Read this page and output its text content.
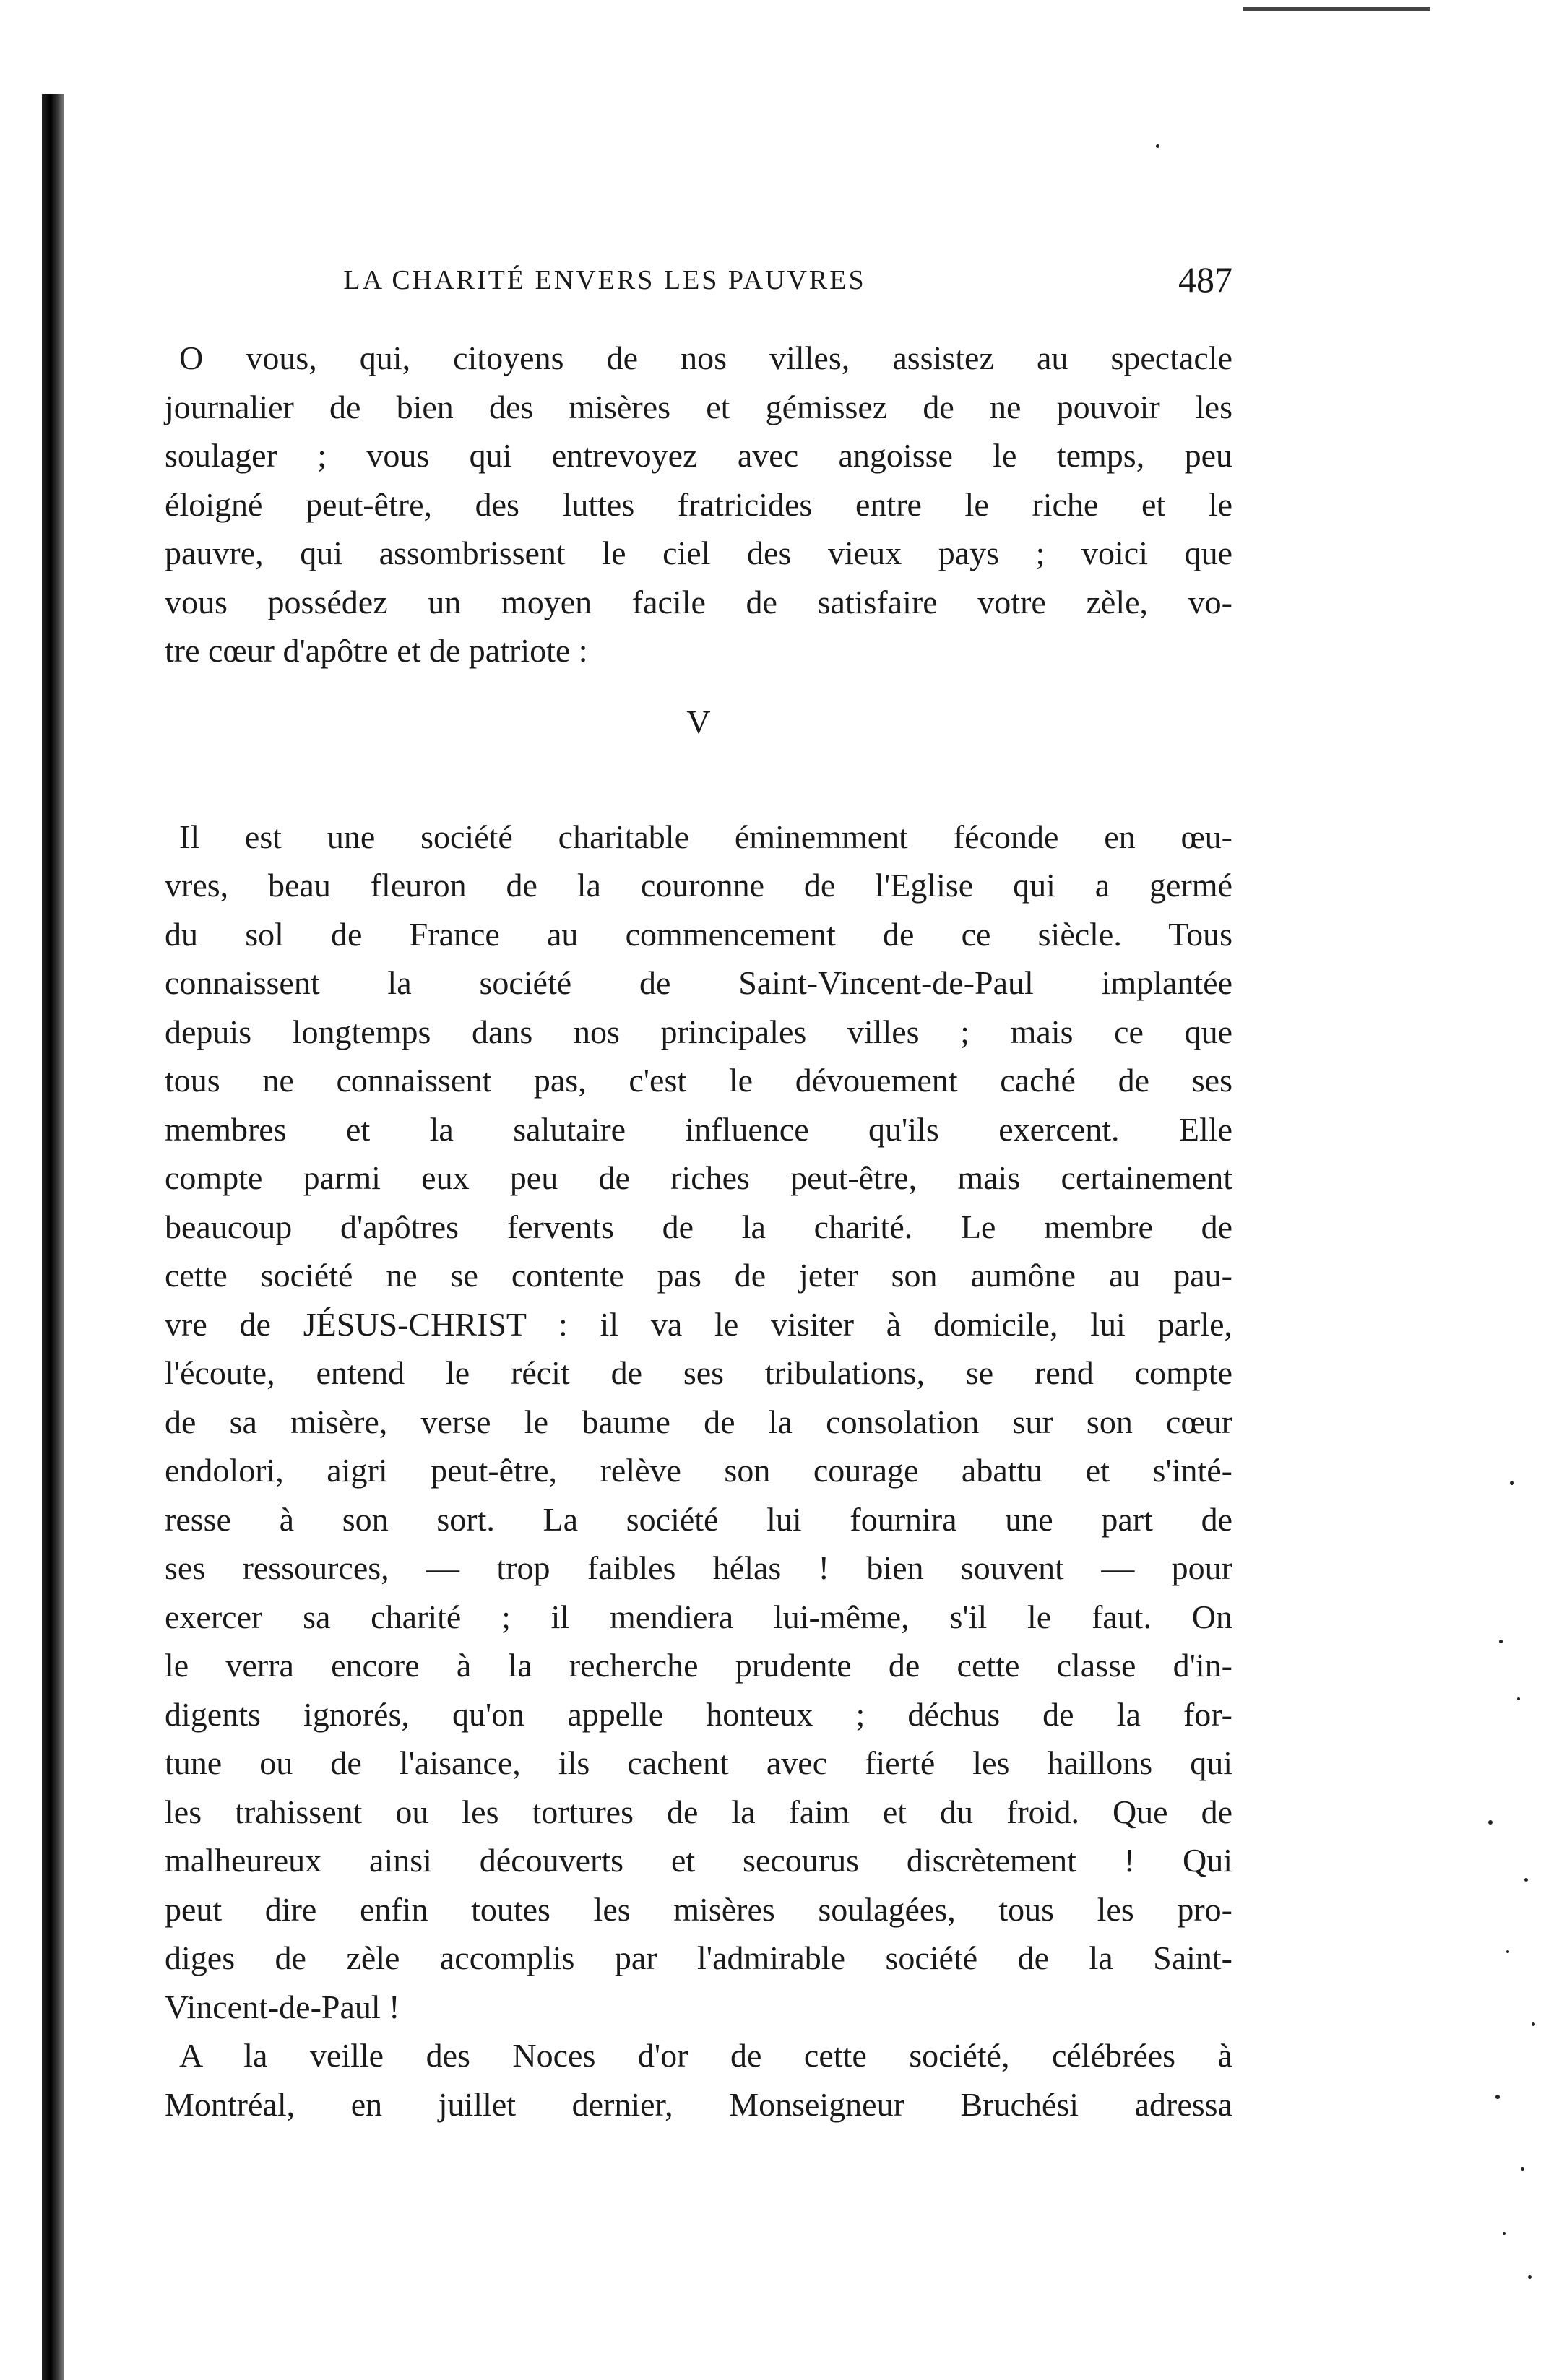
LA CHARITÉ ENVERS LES PAUVRES	487
O vous, qui, citoyens de nos villes, assistez au spectacle
journalier de bien des misères et gémissez de ne pouvoir les
soulager ; vous qui entrevoyez avec angoisse le temps, peu
éloigné peut-être, des luttes fratricides entre le riche et le
pauvre, qui assombrissent le ciel des vieux pays ; voici que
vous possédez un moyen facile de satisfaire votre zèle, vo-
tre cœur d'apôtre et de patriote :
V
Il est une société charitable éminemment féconde en œu-
vres, beau fleuron de la couronne de l'Eglise qui a germé
du sol de France au commencement de ce siècle. Tous
connaissent la société de Saint-Vincent-de-Paul implantée
depuis longtemps dans nos principales villes ; mais ce que
tous ne connaissent pas, c'est le dévouement caché de ses
membres et la salutaire influence qu'ils exercent. Elle
compte parmi eux peu de riches peut-être, mais certainement
beaucoup d'apôtres fervents de la charité. Le membre de
cette société ne se contente pas de jeter son aumône au pau-
vre de JÉSUS-CHRIST : il va le visiter à domicile, lui parle,
l'écoute, entend le récit de ses tribulations, se rend compte
de sa misère, verse le baume de la consolation sur son cœur
endolori, aigri peut-être, relève son courage abattu et s'inté-
resse à son sort. La société lui fournira une part de
ses ressources, — trop faibles hélas ! bien souvent — pour
exercer sa charité ; il mendiera lui-même, s'il le faut. On
le verra encore à la recherche prudente de cette classe d'in-
digents ignorés, qu'on appelle honteux ; déchus de la for-
tune ou de l'aisance, ils cachent avec fierté les haillons qui
les trahissent ou les tortures de la faim et du froid. Que de
malheureux ainsi découverts et secourus discrètement ! Qui
peut dire enfin toutes les misères soulagées, tous les pro-
diges de zèle accomplis par l'admirable société de la Saint-
Vincent-de-Paul !
A la veille des Noces d'or de cette société, célébrées à
Montréal, en juillet dernier, Monseigneur Bruchési adressa
